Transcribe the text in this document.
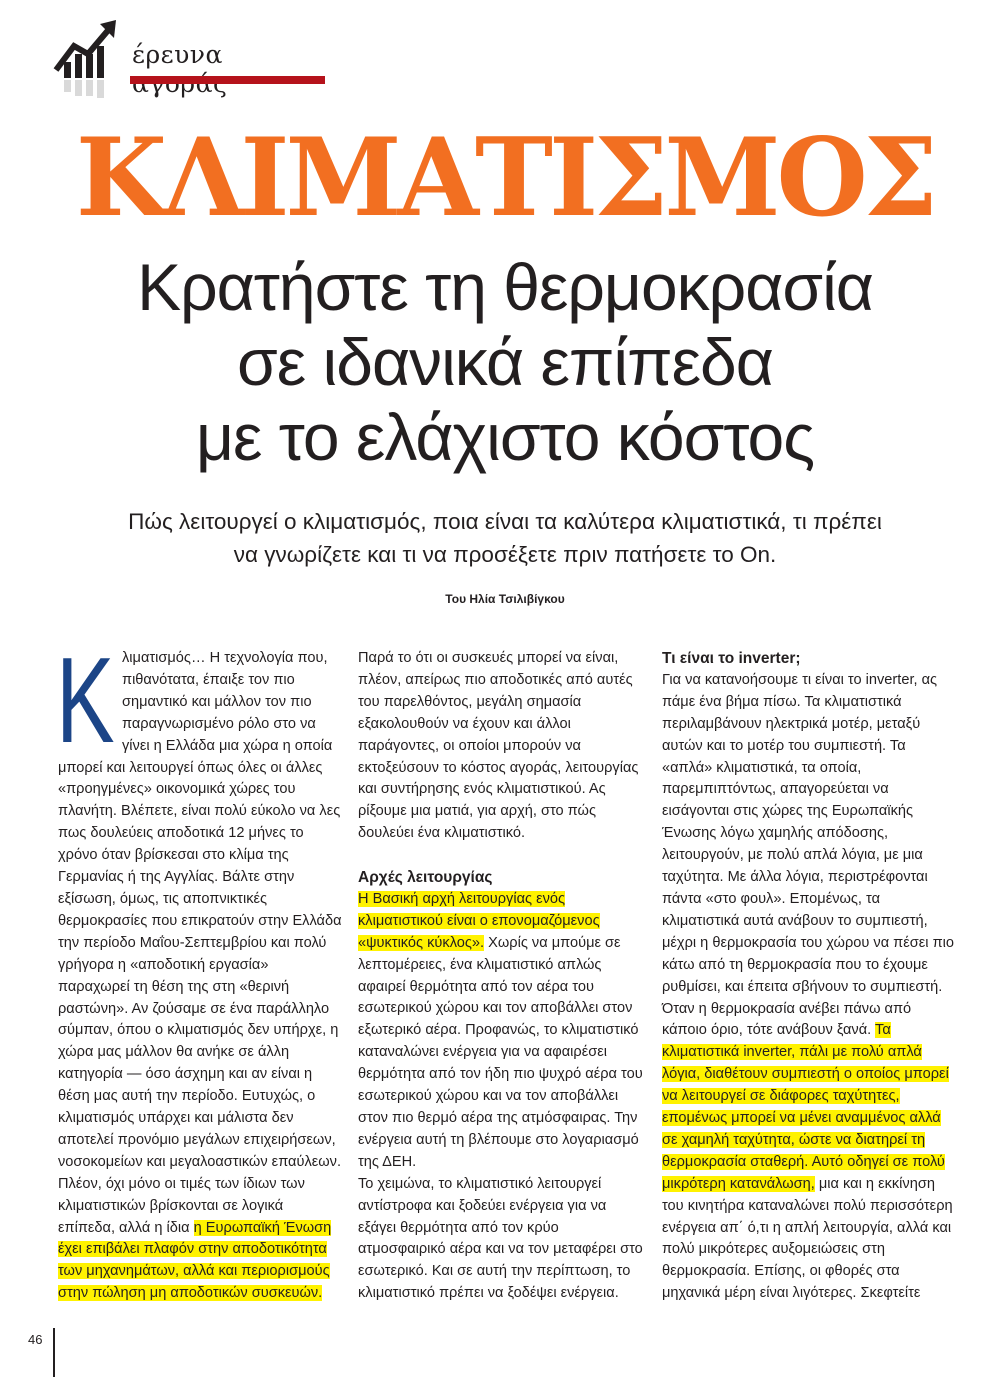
έρευνα
ΚΛΙΜΑΤΙΣΜΟΣ
Κρατήστε τη θερμοκρασία
σε ιδανικά επίπεδα
με το ελάχιστο κόστος
Πώς λειτουργεί ο κλιματισμός, ποια είναι τα καλύτερα κλιματιστικά, τι πρέπει
να γνωρίζετε και τι να προσέξετε πριν πατήσετε το On.
Του Ηλία Τσιλιβίγκου

Κλιματισμός… Η τεχνολογία που, πιθανότατα, έπαιξε τον πιο σημαντικό και μάλλον τον πιο παραγνωρισμένο ρόλο στο να γίνει η Ελλάδα μια χώρα η οποία μπορεί και λειτουργεί όπως όλες οι άλλες «προηγμένες» οικονομικά χώρες του πλανήτη. Βλέπετε, είναι πολύ εύκολο να λες πως δουλεύεις αποδοτικά 12 μήνες το χρόνο όταν βρίσκεσαι στο κλίμα της Γερμανίας ή της Αγγλίας. Βάλτε στην εξίσωση, όμως, τις αποπνικτικές θερμοκρασίες που επικρατούν στην Ελλάδα την περίοδο Μαΐου-Σεπτεμβρίου και πολύ γρήγορα η «αποδοτική εργασία» παραχωρεί τη θέση της στη «θερινή ραστώνη». Αν ζούσαμε σε ένα παράλληλο σύμπαν, όπου ο κλιματισμός δεν υπήρχε, η χώρα μας μάλλον θα ανήκε σε άλλη κατηγορία — όσο άσχημη και αν είναι η θέση μας αυτή την περίοδο. Ευτυχώς, ο κλιματισμός υπάρχει και μάλιστα δεν αποτελεί προνόμιο μεγάλων επιχειρήσεων, νοσοκομείων και μεγαλοαστικών επαύλεων. Πλέον, όχι μόνο οι τιμές των ίδιων των κλιματιστικών βρίσκονται σε λογικά επίπεδα, αλλά η ίδια η Ευρωπαϊκή Ένωση έχει επιβάλει πλαφόν στην αποδοτικότητα των μηχανημάτων, αλλά και περιορισμούς στην πώληση μη αποδοτικών συσκευών.

Παρά το ότι οι συσκευές μπορεί να είναι, πλέον, απείρως πιο αποδοτικές από αυτές του παρελθόντος, μεγάλη σημασία εξακολουθούν να έχουν και άλλοι παράγοντες, οι οποίοι μπορούν να εκτοξεύσουν το κόστος αγοράς, λειτουργίας και συντήρησης ενός κλιματιστικού. Ας ρίξουμε μια ματιά, για αρχή, στο πώς δουλεύει ένα κλιματιστικό.

Αρχές λειτουργίας

Η Βασική αρχή λειτουργίας ενός κλιματιστικού είναι ο επονομαζόμενος «ψυκτικός κύκλος». Χωρίς να μπούμε σε λεπτομέρειες, ένα κλιματιστικό απλώς αφαιρεί θερμότητα από τον αέρα του εσωτερικού χώρου και τον αποβάλλει στον εξωτερικό αέρα. Προφανώς, το κλιματιστικό καταναλώνει ενέργεια για να αφαιρέσει θερμότητα από τον ήδη πιο ψυχρό αέρα του εσωτερικού χώρου και να τον αποβάλλει στον πιο θερμό αέρα της ατμόσφαιρας. Την ενέργεια αυτή τη βλέπουμε στο λογαριασμό της ΔΕΗ.

Το χειμώνα, το κλιματιστικό λειτουργεί αντίστροφα και ξοδεύει ενέργεια για να εξάγει θερμότητα από τον κρύο ατμοσφαιρικό αέρα και να τον μεταφέρει στο εσωτερικό. Και σε αυτή την περίπτωση, το κλιματιστικό πρέπει να ξοδέψει ενέργεια.

Τι είναι το inverter;

Για να κατανοήσουμε τι είναι το inverter, ας πάμε ένα βήμα πίσω. Τα κλιματιστικά περιλαμβάνουν ηλεκτρικά μοτέρ, μεταξύ αυτών και το μοτέρ του συμπιεστή. Τα «απλά» κλιματιστικά, τα οποία, παρεμπιπτόντως, απαγορεύεται να εισάγονται στις χώρες της Ευρωπαϊκής Ένωσης λόγω χαμηλής απόδοσης, λειτουργούν, με πολύ απλά λόγια, με μια ταχύτητα. Με άλλα λόγια, περιστρέφονται πάντα «στο φουλ». Επομένως, τα κλιματιστικά αυτά ανάβουν το συμπιεστή, μέχρι η θερμοκρασία του χώρου να πέσει πιο κάτω από τη θερμοκρασία που το έχουμε ρυθμίσει, και έπειτα σβήνουν το συμπιεστή. Όταν η θερμοκρασία ανέβει πάνω από κάποιο όριο, τότε ανάβουν ξανά. Τα κλιματιστικά inverter, πάλι με πολύ απλά λόγια, διαθέτουν συμπιεστή ο οποίος μπορεί να λειτουργεί σε διάφορες ταχύτητες, επομένως μπορεί να μένει αναμμένος αλλά σε χαμηλή ταχύτητα, ώστε να διατηρεί τη θερμοκρασία σταθερή. Αυτό οδηγεί σε πολύ μικρότερη κατανάλωση, μια και η εκκίνηση του κινητήρα καταναλώνει πολύ περισσότερη ενέργεια απ΄ ό,τι η απλή λειτουργία, αλλά και πολύ μικρότερες αυξομειώσεις στη θερμοκρασία. Επίσης, οι φθορές στα μηχανικά μέρη είναι λιγότερες. Σκεφτείτε

46
